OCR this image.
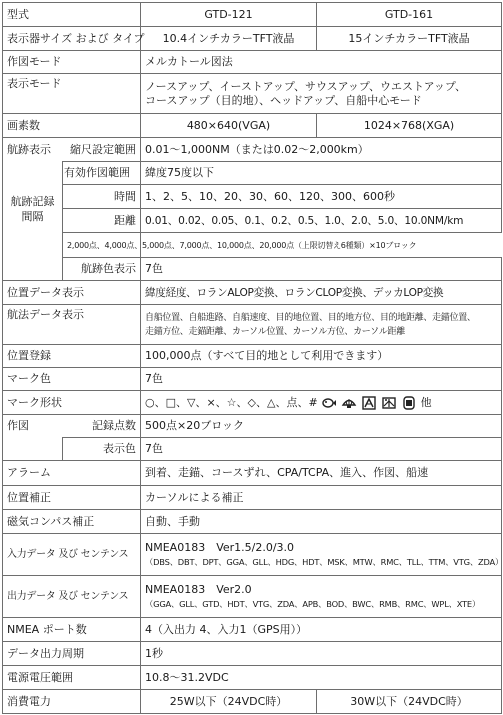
型式		GTD-121	GTD-161
表示器サイズ および タイプ		10.4インチカラーTFT液晶	15インチカラーTFT液晶
作図モード		メルカトール図法	
表示モード		ノースアップ、イーストアップ、サウスアップ、ウエストアップ、
コースアップ（目的地）、ヘッドアップ、自船中心モード	

画素数		480×640(VGA)	1024×768(XGA)

航跡表示 縮尺設定範囲		0.01～1,000NM（または0.02～2,000km）	
	有効作図範囲	緯度75度以下	
航跡記録間隔	時間	1、2、5、10、20、30、60、120、300、600秒	
	距離	0.01、0.02、0.05、0.1、0.2、0.5、1.0、2.0、5.0、10.0NM/km	
	2,000点、4,000点、5,000点、7,000点、10,000点、20,000点（上限切替え6種類）×10ブロック		
	航跡色表示	7色	
位置データ表示		緯度経度、ロランALOP変換、ロランCLOP変換、デッカLOP変換	
航法データ表示		自船位置、自船進路、自船速度、目的地位置、目的地方位、目的地距離、走錨位置、
走錨方位、走錨距離、カーソル位置、カーソル方位、カーソル距離	

位置登録		100,000点（すべて目的地として利用できます）	
マーク色		7色	
マーク形状		○、□、▽、×、☆、◇、△、点、# 他	

作図 記録点数		500点×20ブロック	
	表示色	7色	
アラーム		到着、走錨、コースずれ、CPA/TCPA、進入、作図、船速	
位置補正		カーソルによる補正	
磁気コンパス補正		自動、手動	
入力データ 及び センテンス		NMEA0183　Ver1.5/2.0/3.0
（DBS、DBT、DPT、GGA、GLL、HDG、HDT、MSK、MTW、RMC、TLL、TTM、VTG、ZDA）	

出力データ 及び センテンス		NMEA0183　Ver2.0
（GGA、GLL、GTD、HDT、VTG、ZDA、APB、BOD、BWC、RMB、RMC、WPL、XTE）	

NMEA ポート数		4（入出力 4、入力1（GPS用））	
データ出力周期		1秒	
電源電圧範囲		10.8～31.2VDC	
消費電力		25W以下（24VDC時）	30W以下（24VDC時）
